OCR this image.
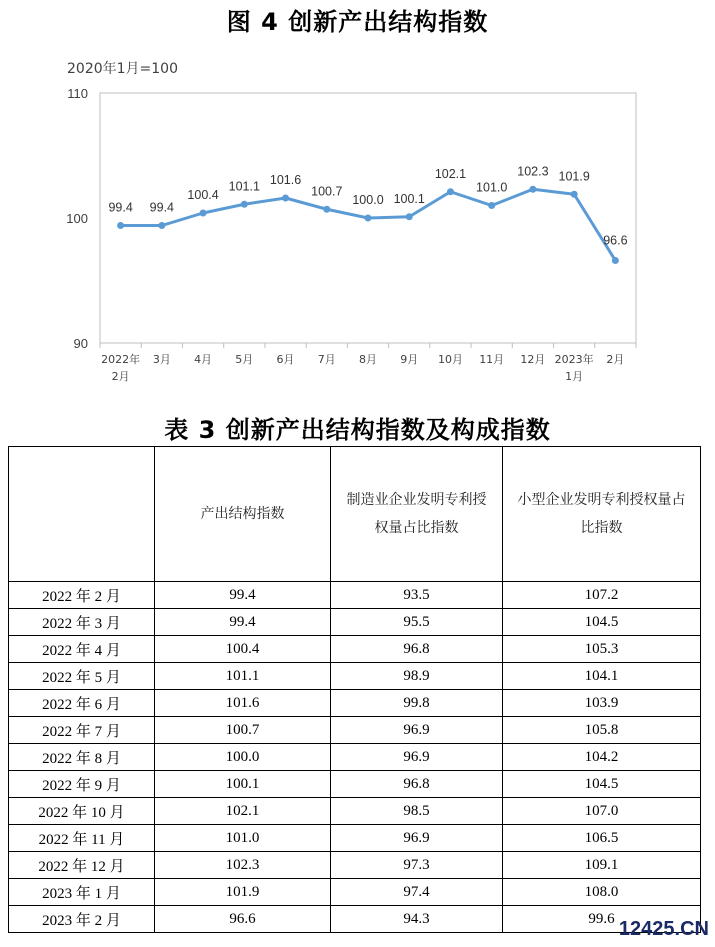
图 4 创新产出结构指数
2020年1月=100
90
100
110
2022年
2月
3月 4月 5月 6月 7月 8月 9月 10月 11月 12月 2023年
1月
2月
99.4 99.4
100.4
101.1 101.6
100.7
100.0 100.1
102.1
101.0
102.3 101.9
96.6
表 3 创新产出结构指数及构成指数
	产出结构指数	制造业企业发明专利授权量占比指数	小型企业发明专利授权量占比指数
2022 年 2 月	99.4	93.5	107.2
2022 年 3 月	99.4	95.5	104.5
2022 年 4 月	100.4	96.8	105.3
2022 年 5 月	101.1	98.9	104.1
2022 年 6 月	101.6	99.8	103.9
2022 年 7 月	100.7	96.9	105.8
2022 年 8 月	100.0	96.9	104.2
2022 年 9 月	100.1	96.8	104.5
2022 年 10 月	102.1	98.5	107.0
2022 年 11 月	101.0	96.9	106.5
2022 年 12 月	102.3	97.3	109.1
2023 年 1 月	101.9	97.4	108.0
2023 年 2 月	96.6	94.3	99.6 12425.CN
